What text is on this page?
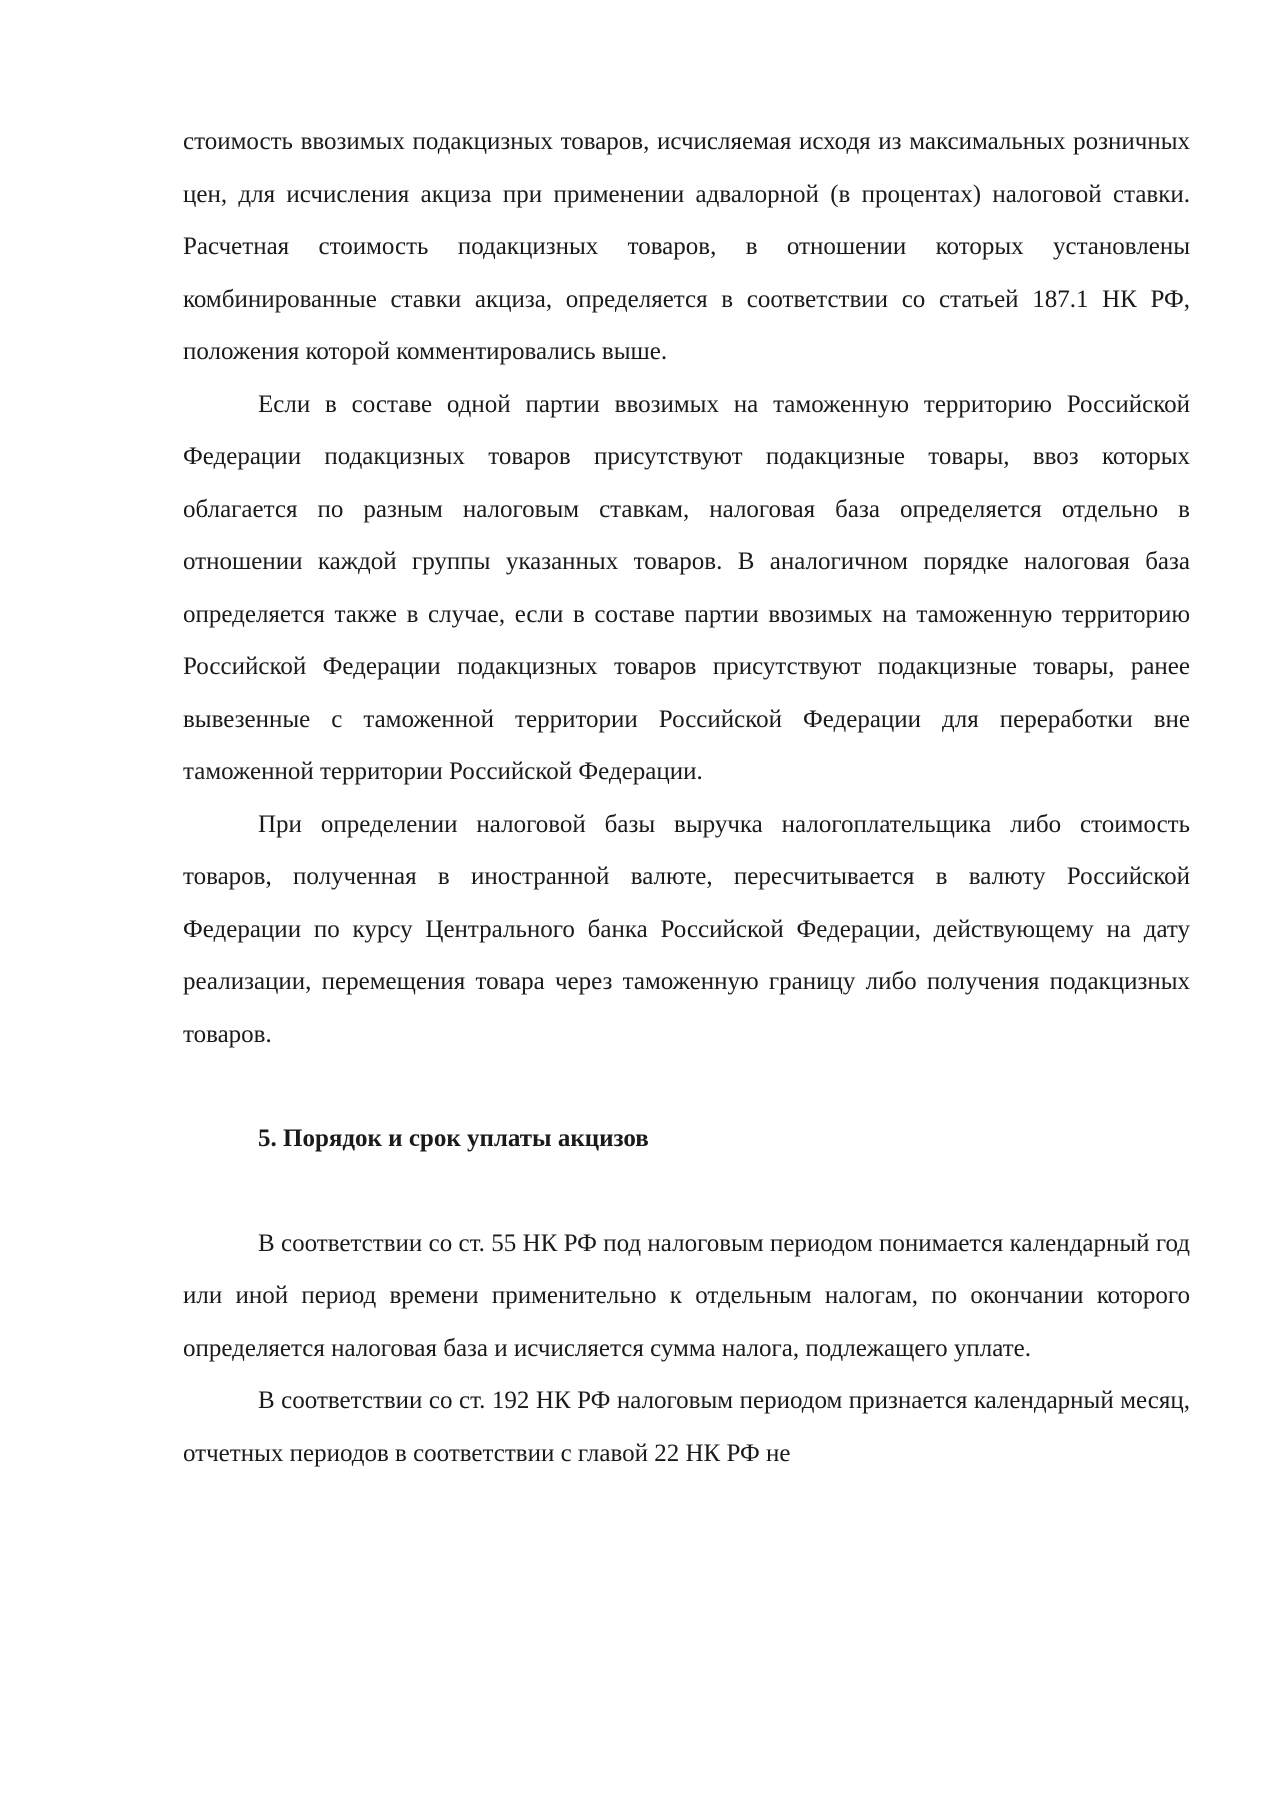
стоимость ввозимых подакцизных товаров, исчисляемая исходя из максимальных розничных цен, для исчисления акциза при применении адвалорной (в процентах) налоговой ставки. Расчетная стоимость подакцизных товаров, в отношении которых установлены комбинированные ставки акциза, определяется в соответствии со статьей 187.1 НК РФ, положения которой комментировались выше.

Если в составе одной партии ввозимых на таможенную территорию Российской Федерации подакцизных товаров присутствуют подакцизные товары, ввоз которых облагается по разным налоговым ставкам, налоговая база определяется отдельно в отношении каждой группы указанных товаров. В аналогичном порядке налоговая база определяется также в случае, если в составе партии ввозимых на таможенную территорию Российской Федерации подакцизных товаров присутствуют подакцизные товары, ранее вывезенные с таможенной территории Российской Федерации для переработки вне таможенной территории Российской Федерации.

При определении налоговой базы выручка налогоплательщика либо стоимость товаров, полученная в иностранной валюте, пересчитывается в валюту Российской Федерации по курсу Центрального банка Российской Федерации, действующему на дату реализации, перемещения товара через таможенную границу либо получения подакцизных товаров.

5. Порядок и срок уплаты акцизов

В соответствии со ст. 55 НК РФ под налоговым периодом понимается календарный год или иной период времени применительно к отдельным налогам, по окончании которого определяется налоговая база и исчисляется сумма налога, подлежащего уплате.

В соответствии со ст. 192 НК РФ налоговым периодом признается календарный месяц, отчетных периодов в соответствии с главой 22 НК РФ не
